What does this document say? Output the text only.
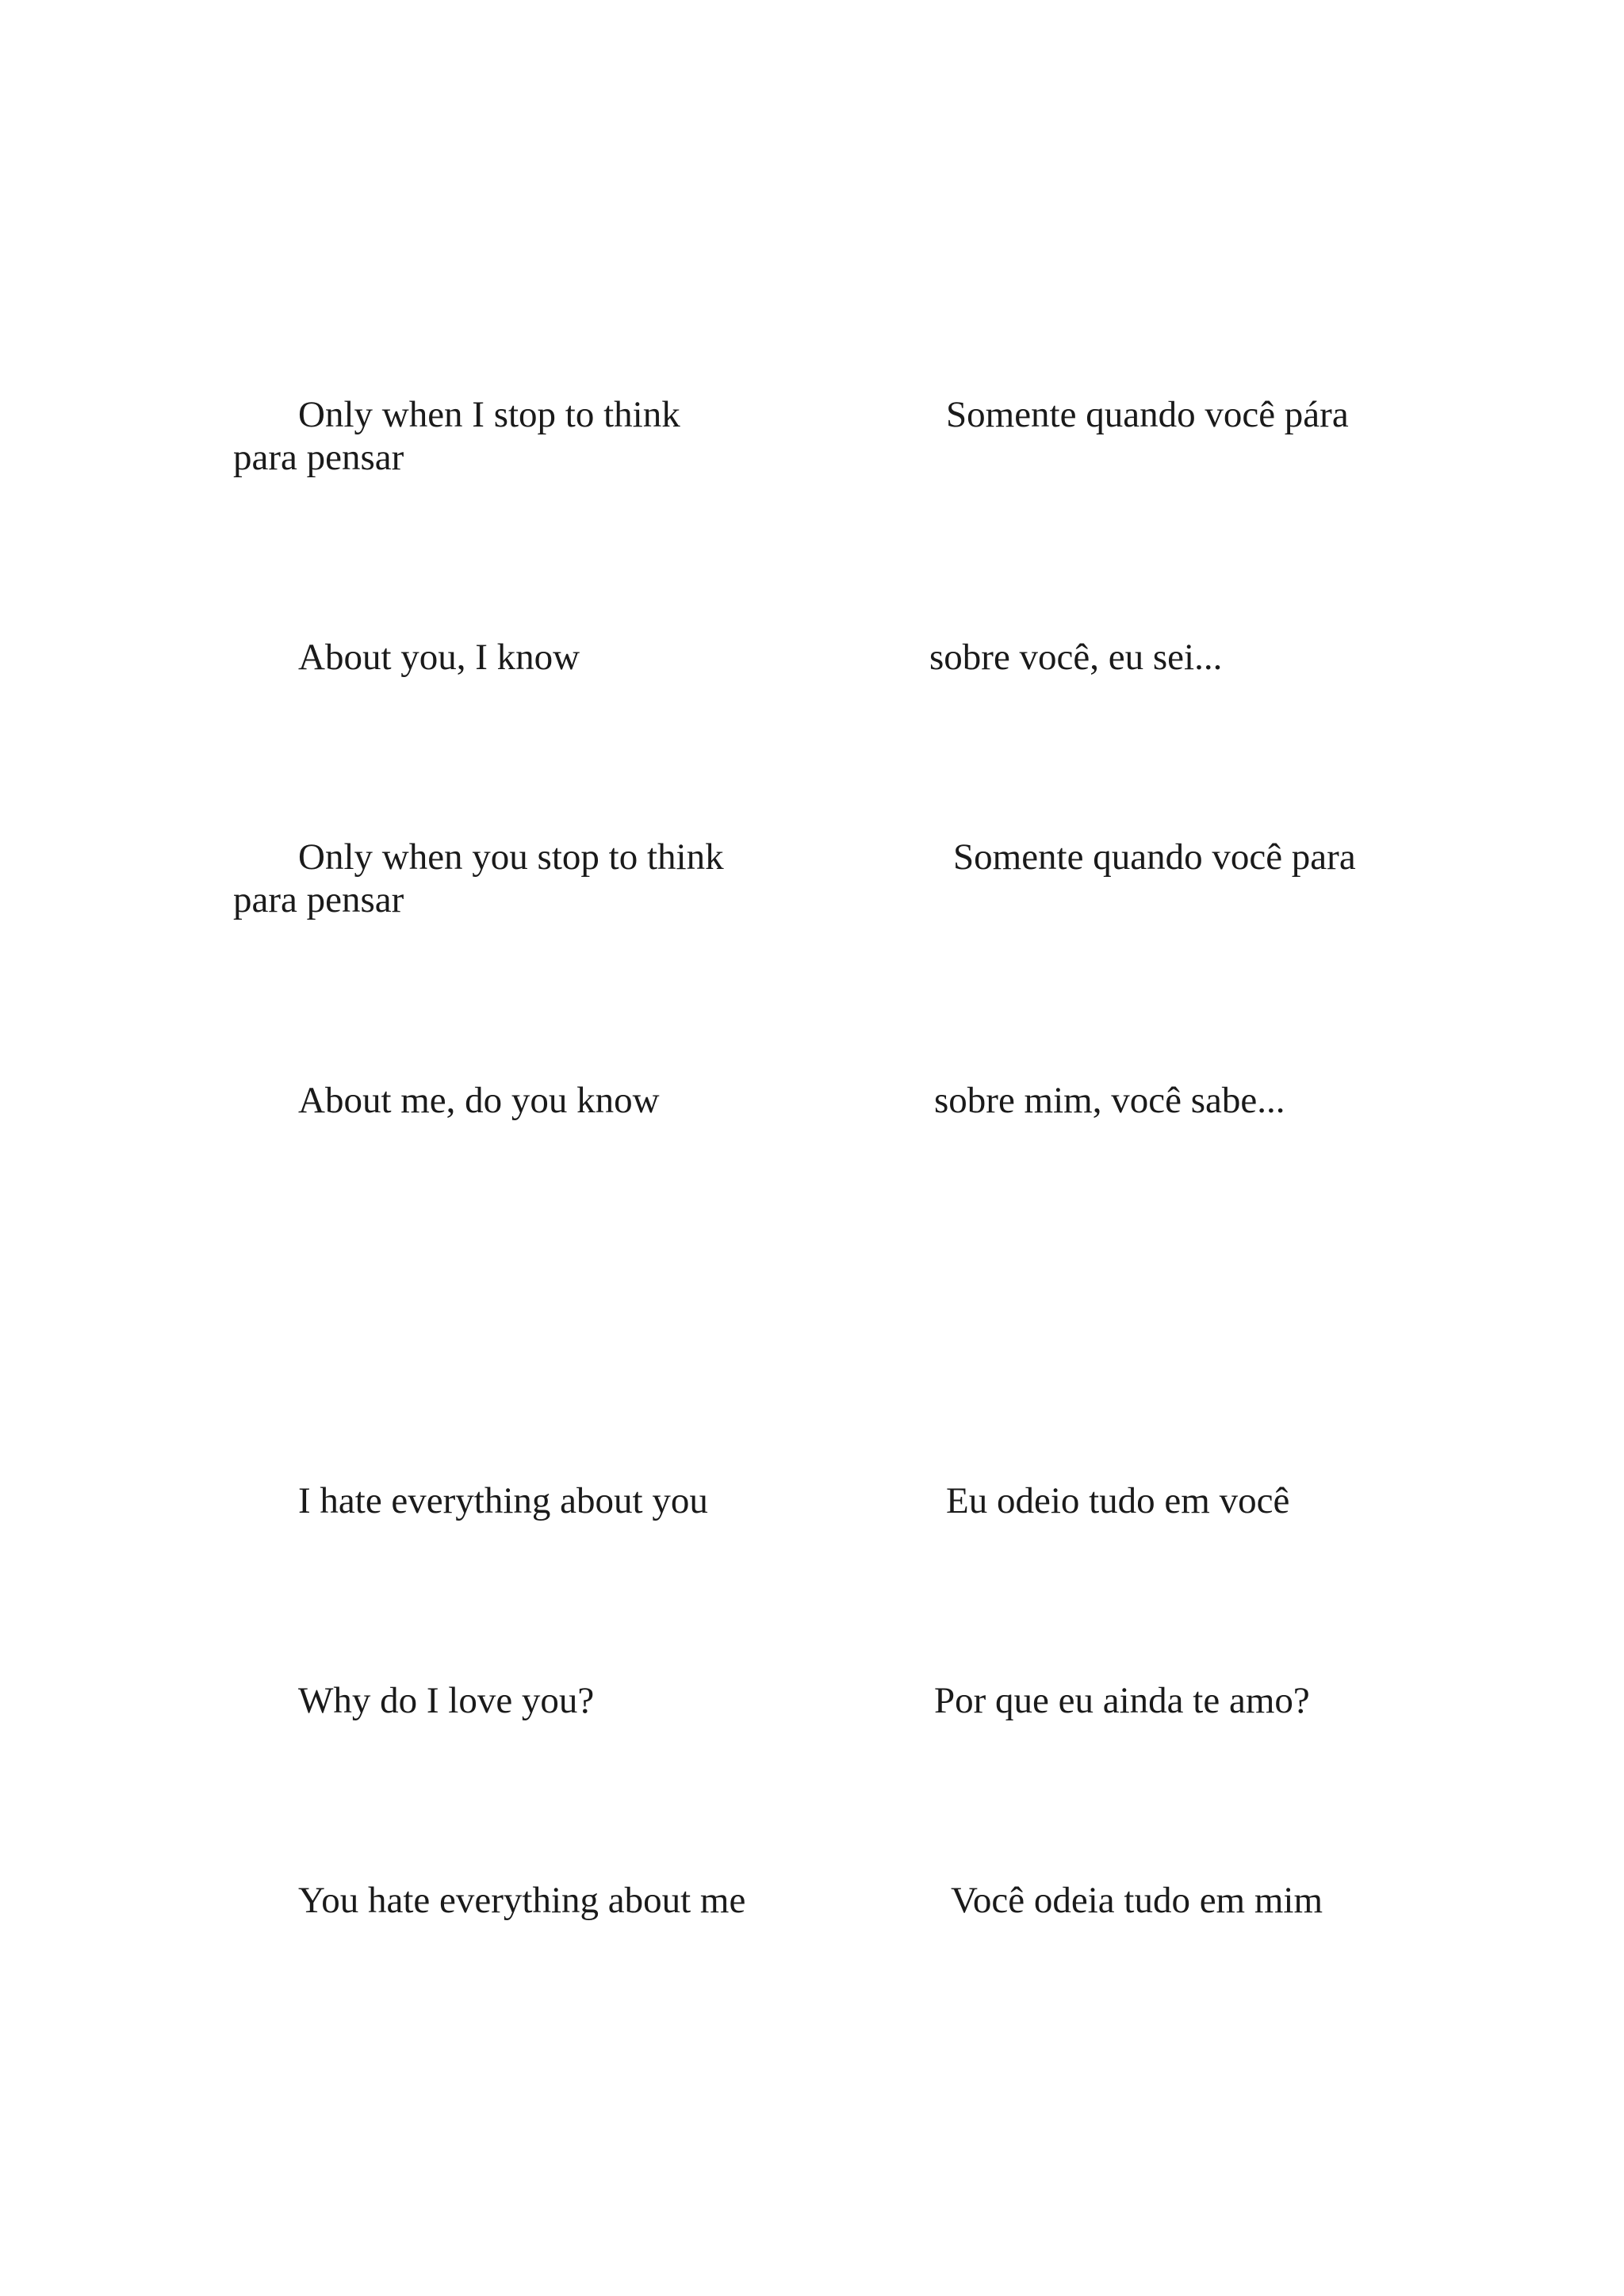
Only when I stop to think	Somente quando você pára

para pensar

About you, I know	sobre você, eu sei...

Only when you stop to think	Somente quando você para

para pensar

About me, do you know	sobre mim, você sabe...

I hate everything about you	Eu odeio tudo em você

Why do I love you?	Por que eu ainda te amo?

You hate everything about me	Você odeia tudo em mim
